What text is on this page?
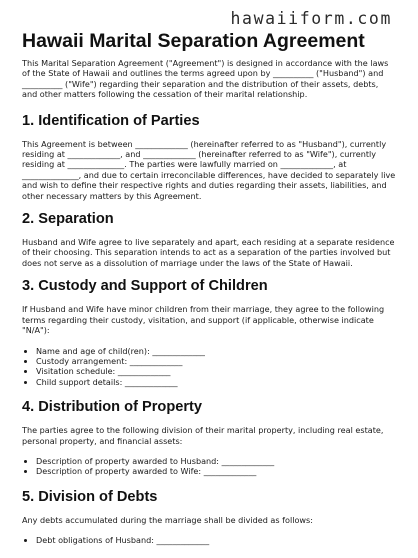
hawaiiform.com
Hawaii Marital Separation Agreement

This Marital Separation Agreement ("Agreement") is designed in accordance with the laws of the State of Hawaii and outlines the terms agreed upon by __________ ("Husband") and __________ ("Wife") regarding their separation and the distribution of their assets, debts, and other matters following the cessation of their marital relationship.

1. Identification of Parties

This Agreement is between _____________ (hereinafter referred to as "Husband"), currently residing at _____________, and _____________ (hereinafter referred to as "Wife"), currently residing at ______________. The parties were lawfully married on _____________, at ______________, and due to certain irreconcilable differences, have decided to separately live and wish to define their respective rights and duties regarding their assets, liabilities, and other necessary matters by this Agreement.

2. Separation

Husband and Wife agree to live separately and apart, each residing at a separate residence of their choosing. This separation intends to act as a separation of the parties involved but does not serve as a dissolution of marriage under the laws of the State of Hawaii.

3. Custody and Support of Children

If Husband and Wife have minor children from their marriage, they agree to the following terms regarding their custody, visitation, and support (if applicable, otherwise indicate "N/A"):

• Name and age of child(ren): _____________
• Custody arrangement: _____________
• Visitation schedule: _____________
• Child support details: _____________
4. Distribution of Property

The parties agree to the following division of their marital property, including real estate, personal property, and financial assets:

• Description of property awarded to Husband: _____________
• Description of property awarded to Wife: _____________
5. Division of Debts

Any debts accumulated during the marriage shall be divided as follows:

• Debt obligations of Husband: _____________
